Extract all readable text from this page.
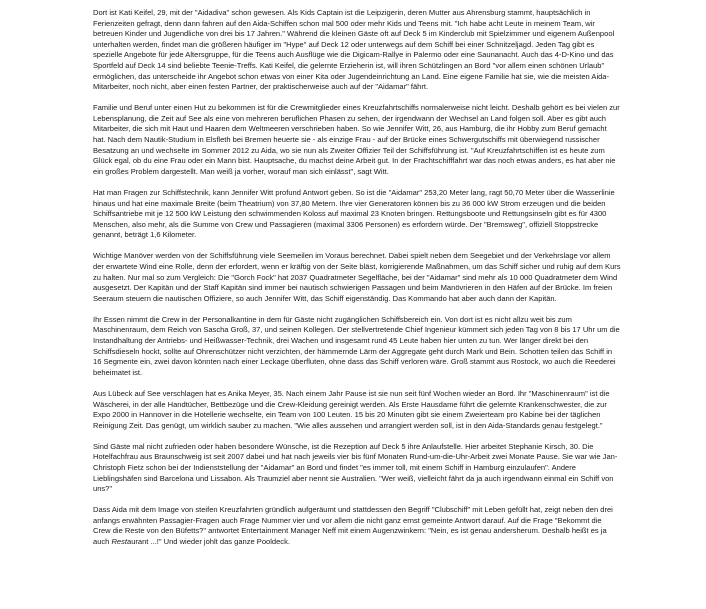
Dort ist Kati Keifel, 29, mit der "Aidadiva" schon gewesen. Als Kids Captain ist die Leipzigerin, deren Mutter aus Ahrensburg stammt, hauptsächlich in Ferienzeiten gefragt, denn dann fahren auf den Aida-Schiffen schon mal 500 oder mehr Kids und Teens mit. "Ich habe acht Leute in meinem Team, wir betreuen Kinder und Jugendliche von drei bis 17 Jahren." Während die kleinen Gäste oft auf Deck 5 im Kinderclub mit Spielzimmer und eigenem Außenpool unterhalten werden, findet man die größeren häufiger im "Hype" auf Deck 12 oder unterwegs auf dem Schiff bei einer Schnitzeljagd. Jeden Tag gibt es spezielle Angebote für jede Altersgruppe, für die Teens auch Ausflüge wie die Digicam-Rallye in Palermo oder eine Saunanacht. Auch das 4-D-Kino und das Sportfeld auf Deck 14 sind beliebte Teenie-Treffs. Kati Keifel, die gelernte Erzieherin ist, will ihren Schützlingen an Bord "vor allem einen schönen Urlaub" ermöglichen, das unterscheide ihr Angebot schon etwas von einer Kita oder Jugendeinrichtung an Land. Eine eigene Familie hat sie, wie die meisten Aida-Mitarbeiter, noch nicht, aber einen festen Partner, der praktischerweise auch auf der "Aidamar" fährt.

Familie und Beruf unter einen Hut zu bekommen ist für die Crewmitglieder eines Kreuzfahrtschiffs normalerweise nicht leicht. Deshalb gehört es bei vielen zur Lebensplanung, die Zeit auf See als eine von mehreren beruflichen Phasen zu sehen, der irgendwann der Wechsel an Land folgen soll. Aber es gibt auch Mitarbeiter, die sich mit Haut und Haaren dem Weltmeeren verschrieben haben. So wie Jennifer Witt, 26, aus Hamburg, die ihr Hobby zum Beruf gemacht hat. Nach dem Nautik-Studium in Elsfleth bei Bremen heuerte sie - als einzige Frau - auf der Brücke eines Schwergutschiffs mit überwiegend russischer Besatzung an und wechselte im Sommer 2012 zu Aida, wo sie nun als Zweiter Offizier Teil der Schiffsführung ist. "Auf Kreuzfahrtschiffen ist es heute zum Glück egal, ob du eine Frau oder ein Mann bist. Hauptsache, du machst deine Arbeit gut. In der Frachtschifffahrt war das noch etwas anders, es hat aber nie ein großes Problem dargestellt. Man weiß ja vorher, worauf man sich einlässt", sagt Witt.

Hat man Fragen zur Schiffstechnik, kann Jennifer Witt profund Antwort geben. So ist die "Aidamar" 253,20 Meter lang, ragt 50,70 Meter über die Wasserlinie hinaus und hat eine maximale Breite (beim Theatrium) von 37,80 Metern. Ihre vier Generatoren können bis zu 36 000 kW Strom erzeugen und die beiden Schiffsantriebe mit je 12 500 kW Leistung den schwimmenden Koloss auf maximal 23 Knoten bringen. Rettungsboote und Rettungsinseln gibt es für 4300 Menschen, also mehr, als die Summe von Crew und Passagieren (maximal 3306 Personen) es erfordern würde. Der "Bremsweg", offiziell Stoppstrecke genannt, beträgt 1,6 Kilometer.

Wichtige Manöver werden von der Schiffsführung viele Seemeilen im Voraus berechnet. Dabei spielt neben dem Seegebiet und der Verkehrslage vor allem der erwartete Wind eine Rolle, denn der erfordert, wenn er kräftig von der Seite bläst, korrigierende Maßnahmen, um das Schiff sicher und ruhig auf dem Kurs zu halten. Nur mal so zum Vergleich: Die "Gorch Fock" hat 2037 Quadratmeter Segelfläche, bei der "Aidamar" sind mehr als 10 000 Quadratmeter dem Wind ausgesetzt. Der Kapitän und der Staff Kapitän sind immer bei nautisch schwierigen Passagen und beim Manövrieren in den Häfen auf der Brücke. Im freien Seeraum steuern die nautischen Offiziere, so auch Jennifer Witt, das Schiff eigenständig. Das Kommando hat aber auch dann der Kapitän.

Ihr Essen nimmt die Crew in der Personalkantine in dem für Gäste nicht zugänglichen Schiffsbereich ein. Von dort ist es nicht allzu weit bis zum Maschinenraum, dem Reich von Sascha Groß, 37, und seinen Kollegen. Der stellvertretende Chief Ingenieur kümmert sich jeden Tag von 8 bis 17 Uhr um die Instandhaltung der Antriebs- und Heißwasser-Technik, drei Wachen und insgesamt rund 45 Leute haben hier unten zu tun. Wer länger direkt bei den Schiffsdieseln hockt, sollte auf Ohrenschützer nicht verzichten, der hämmernde Lärm der Aggregate geht durch Mark und Bein. Schotten teilen das Schiff in 16 Segmente ein, zwei davon könnten nach einer Leckage überfluten, ohne dass das Schiff verloren wäre. Groß stammt aus Rostock, wo auch die Reederei beheimatet ist.

Aus Lübeck auf See verschlagen hat es Anika Meyer, 35. Nach einem Jahr Pause ist sie nun seit fünf Wochen wieder an Bord. Ihr "Maschinenraum" ist die Wäscherei, in der alle Handtücher, Bettbezüge und die Crew-Kleidung gereinigt werden. Als Erste Hausdame führt die gelernte Krankenschwester, die zur Expo 2000 in Hannover in die Hotellerie wechselte, ein Team von 100 Leuten. 15 bis 20 Minuten gibt sie einem Zweierteam pro Kabine bei der täglichen Reinigung Zeit. Das genügt, um wirklich sauber zu machen. "Wie alles aussehen und arrangiert werden soll, ist in den Aida-Standards genau festgelegt."

Sind Gäste mal nicht zufrieden oder haben besondere Wünsche, ist die Rezeption auf Deck 5 ihre Anlaufstelle. Hier arbeitet Stephanie Kirsch, 30. Die Hotelfachfrau aus Braunschweig ist seit 2007 dabei und hat nach jeweils vier bis fünf Monaten Rund-um-die-Uhr-Arbeit zwei Monate Pause. Sie war wie Jan-Christoph Fietz schon bei der Indienststellung der "Aidamar" an Bord und findet "es immer toll, mit einem Schiff in Hamburg einzulaufen". Andere Lieblingshäfen sind Barcelona und Lissabon. Als Traumziel aber nennt sie Australien. "Wer weiß, vielleicht fährt da ja auch irgendwann einmal ein Schiff von uns?"

Dass Aida mit dem Image von steifen Kreuzfahrten gründlich aufgeräumt und stattdessen den Begriff "Clubschiff" mit Leben gefüllt hat, zeigt neben den drei anfangs erwähnten Passagier-Fragen auch Frage Nummer vier und vor allem die nicht ganz ernst gemeinte Antwort darauf. Auf die Frage "Bekommt die Crew die Reste von den Büfetts?" antwortet Entertainment Manager Neff mit einem Augenzwinkern: "Nein, es ist genau andersherum. Deshalb heißt es ja auch Restaurant ...!" Und wieder johlt das ganze Pooldeck.
